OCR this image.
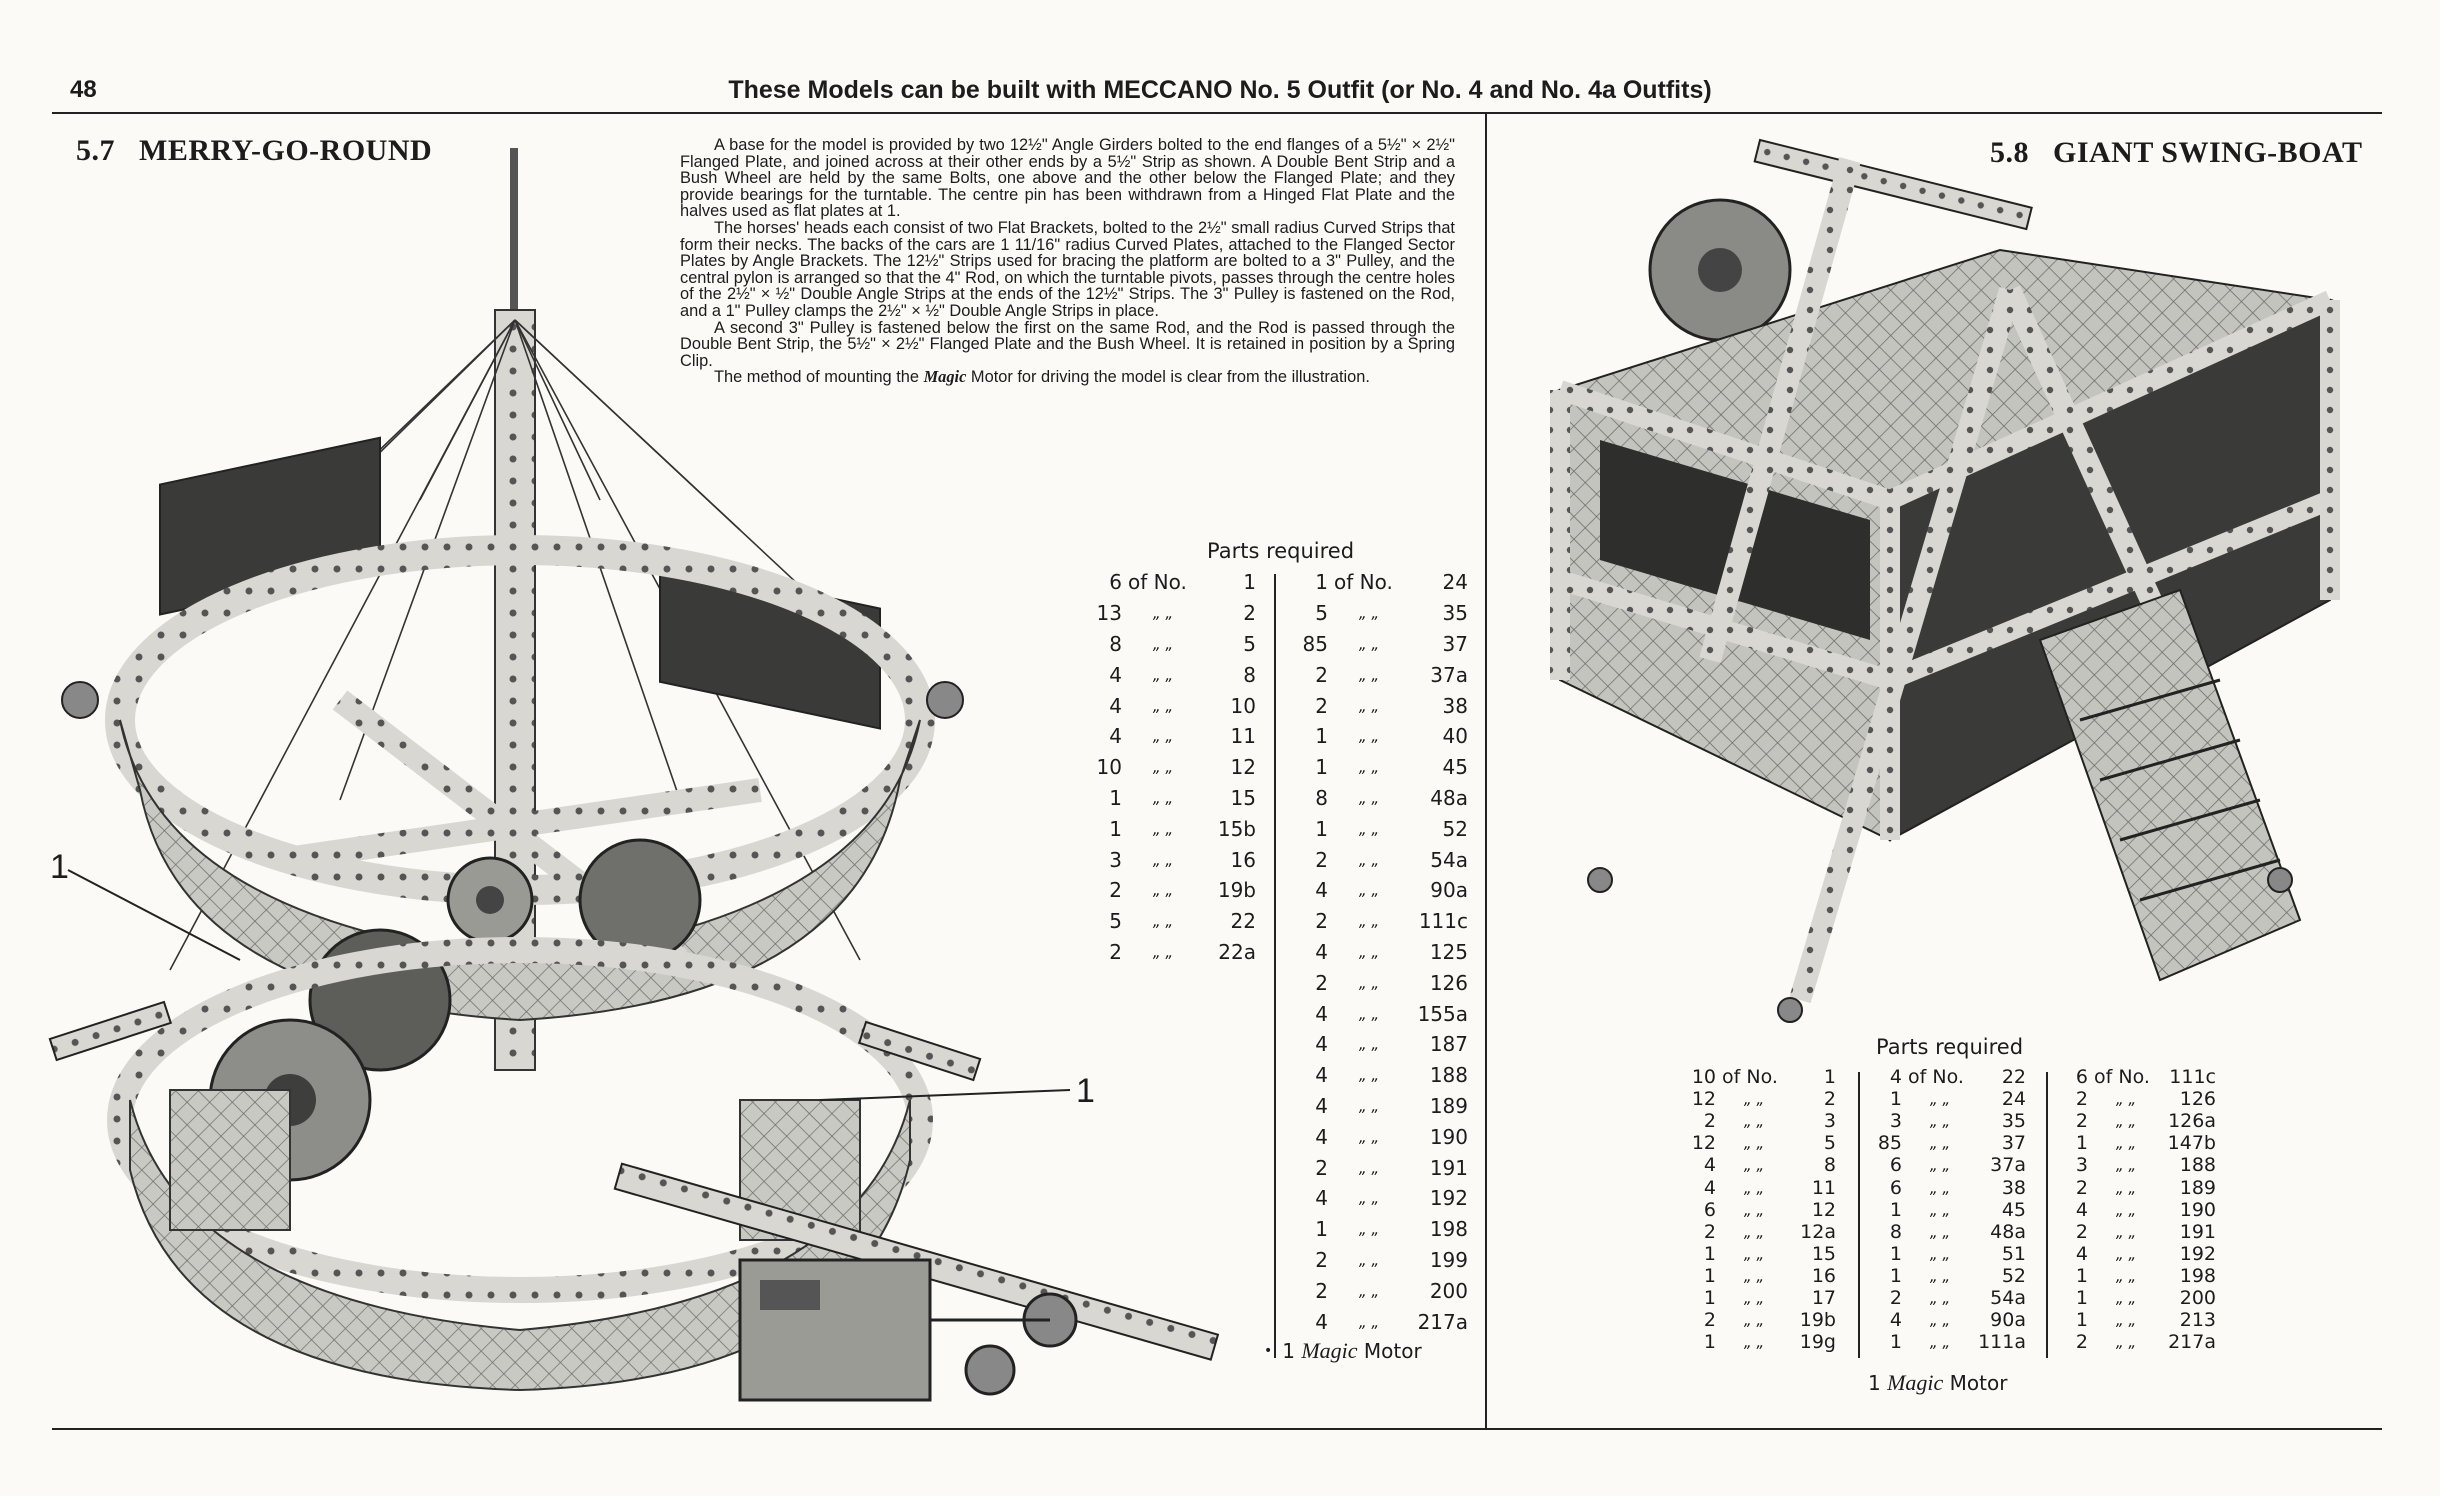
48	These Models can be built with MECCANO No. 5 Outfit (or No. 4 and No. 4a Outfits)
5.7 MERRY-GO-ROUND	A base for the model is provided by two 12½" Angle Girders bolted to the end flanges of a 5½" × 2½" Flanged Plate, and joined across at their other ends by a 5½" Strip as shown. A Double Bent Strip and a Bush Wheel are held by the same Bolts, one above and the other below the Flanged Plate; and they provide bearings for the turntable. The centre pin has been withdrawn from a Hinged Flat Plate and the halves used as flat plates at 1.

The horses' heads each consist of two Flat Brackets, bolted to the 2½" small radius Curved Strips that form their necks. The backs of the cars are 1 11/16" radius Curved Plates, attached to the Flanged Sector Plates by Angle Brackets. The 12½" Strips used for bracing the platform are bolted to a 3" Pulley, and the central pylon is arranged so that the 4" Rod, on which the turntable pivots, passes through the centre holes of the 2½" × ½" Double Angle Strips at the ends of the 12½" Strips. The 3" Pulley is fastened on the Rod, and a 1" Pulley clamps the 2½" × ½" Double Angle Strips in place.

A second 3" Pulley is fastened below the first on the same Rod, and the Rod is passed through the Double Bent Strip, the 5½" × 2½" Flanged Plate and the Bush Wheel. It is retained in position by a Spring Clip.

The method of mounting the Magic Motor for driving the model is clear from the illustration.

1
1
Parts required
6 of No.	1
13	„ „	2
8	„ „	5
4	„ „	8
4	„ „	10
4	„ „	11
10	„ „	12
1	„ „	15
1	„ „	15b
3	„ „	16
2	„ „	19b
5	„ „	22
2	„ „	22a
1 of No.	24
5	„ „	35
85	„ „	37
2	„ „	37a
2	„ „	38
1	„ „	40
1	„ „	45
8	„ „	48a
1	„ „	52
2	„ „	54a
4	„ „	90a
2	„ „	111c
4	„ „	125
2	„ „	126
4	„ „	155a
4	„ „	187
4	„ „	188
4	„ „	189
4	„ „	190
2	„ „	191
4	„ „	192
1	„ „	198
2	„ „	199
2	„ „	200
4	„ „	217a
• 1
Magic
Motor
5.8 GIANT SWING-BOAT
Parts required
10 of No.	1
12	„ „	2
2	„ „	3
12	„ „	5
4	„ „	8
4	„ „	11
6	„ „	12
2	„ „	12a
1	„ „	15
1	„ „	16
1	„ „	17
2	„ „	19b
1	„ „	19g
4 of No.	22
1	„ „	24
3	„ „	35
85	„ „	37
6	„ „	37a
6	„ „	38
1	„ „	45
8	„ „	48a
1	„ „	51
1	„ „	52
2	„ „	54a
4	„ „	90a
1	„ „	111a
6 of No.	111c
2	„ „	126
2	„ „	126a
1	„ „	147b
3	„ „	188
2	„ „	189
4	„ „	190
2	„ „	191
4	„ „	192
1	„ „	198
1	„ „	200
1	„ „	213
2	„ „	217a
1
Magic
Motor
